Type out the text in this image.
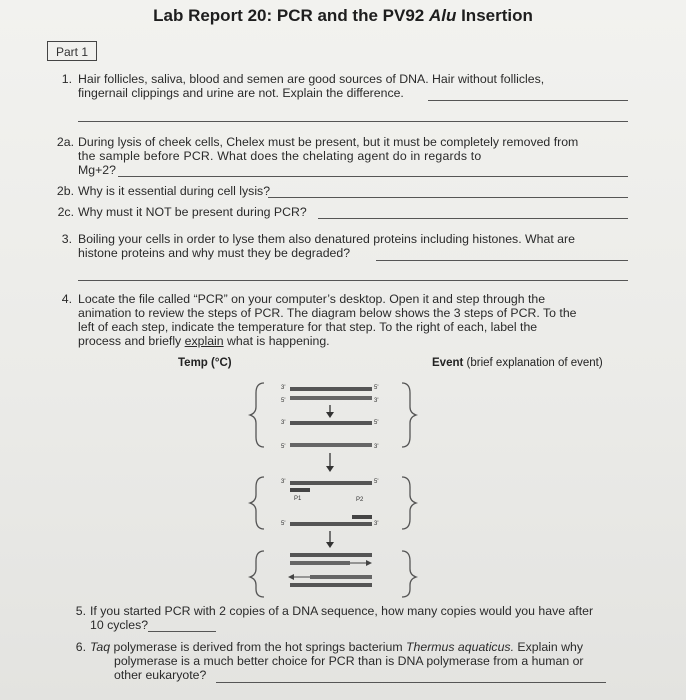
Lab Report 20: PCR and the PV92 Alu Insertion
Part 1
1. Hair follicles, saliva, blood and semen are good sources of DNA. Hair without follicles,
fingernail clippings and urine are not. Explain the difference.
2a. During lysis of cheek cells, Chelex must be present, but it must be completely removed from
the sample before PCR. What does the chelating agent do in regards to
Mg+2?
2b. Why is it essential during cell lysis?
2c. Why must it NOT be present during PCR?
3. Boiling your cells in order to lyse them also denatured proteins including histones. What are
histone proteins and why must they be degraded?
4. Locate the file called “PCR” on your computer’s desktop. Open it and step through the
animation to review the steps of PCR. The diagram below shows the 3 steps of PCR. To the
left of each step, indicate the temperature for that step. To the right of each, label the
process and briefly explain what is happening.
Temp (°C)	Event (brief explanation of event)
3'	5'
5'	3'
3'	5'
5'	3'
3'	5'
5'	3'
P1	P2
5. If you started PCR with 2 copies of a DNA sequence, how many copies would you have after
10 cycles?
6. Taq polymerase is derived from the hot springs bacterium Thermus aquaticus. Explain why
polymerase is a much better choice for PCR than is DNA polymerase from a human or
other eukaryote?
